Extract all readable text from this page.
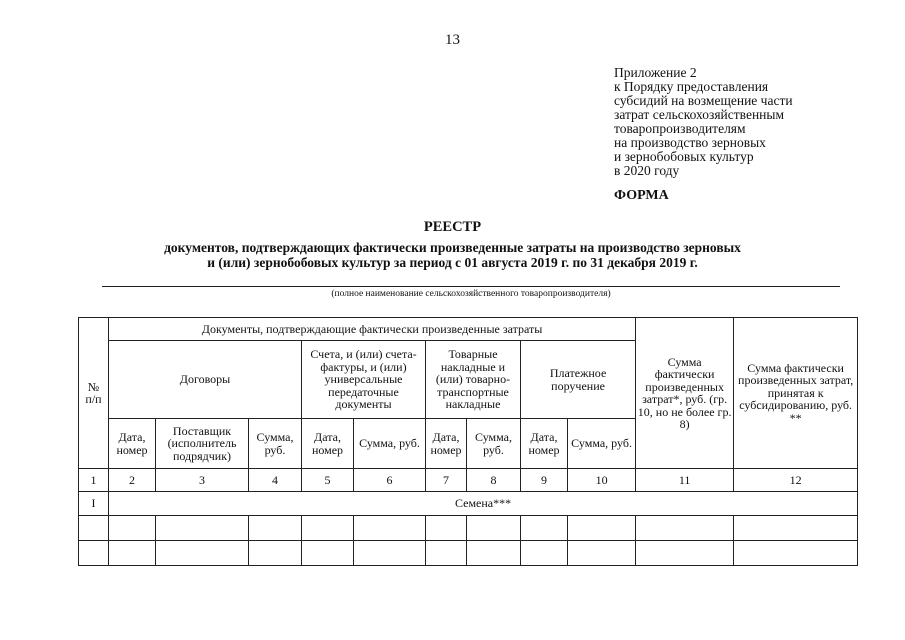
13
Приложение 2
к Порядку предоставления
субсидий на возмещение части
затрат сельскохозяйственным
товаропроизводителям
на производство зерновых
и зернобобовых культур
в 2020 году
ФОРМА
РЕЕСТР
документов, подтверждающих фактически произведенные затраты на производство зерновых
и (или) зернобобовых культур за период с 01 августа 2019 г. по 31 декабря 2019 г.
(полное наименование сельскохозяйственного товаропроизводителя)
№
п/п	Документы, подтверждающие фактически произведенные затраты									Сумма фактически произведенных затрат*, руб. (гр. 10, но не более гр. 8)	Сумма фактически произведенных затрат, принятая к субсидированию, руб. **
	Договоры			Счета, и (или) счета-фактуры, и (или) универсальные передаточные документы		Товарные накладные и (или) товарно-транспортные накладные		Платежное поручение			
	Дата, номер	Поставщик (исполнитель подрядчик)	Сумма, руб.	Дата, номер	Сумма, руб.	Дата, номер	Сумма, руб.	Дата, номер	Сумма, руб.		
1	2	3	4	5	6	7	8	9	10	11	12
I	Семена***										
